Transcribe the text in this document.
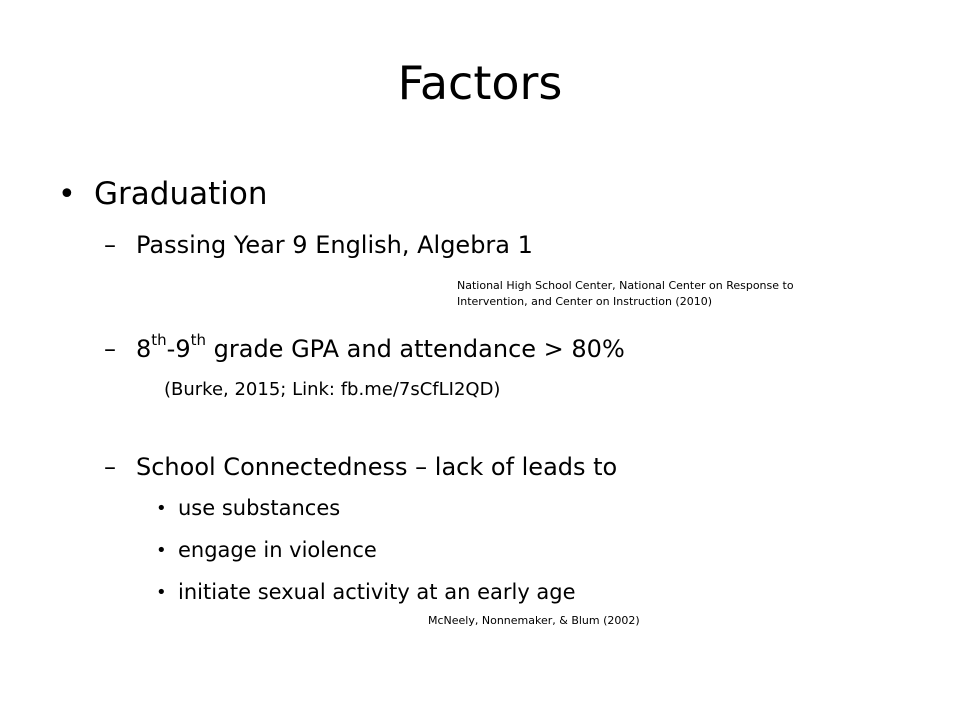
Factors
• Graduation
– Passing Year 9 English, Algebra 1
National High School Center, National Center on Response to
Intervention, and Center on Instruction (2010)
– 8th-9th grade GPA and attendance > 80%
(Burke, 2015; Link: fb.me/7sCfLI2QD)
– School Connectedness – lack of leads to
• use substances
• engage in violence
• initiate sexual activity at an early age
McNeely, Nonnemaker, & Blum (2002)
